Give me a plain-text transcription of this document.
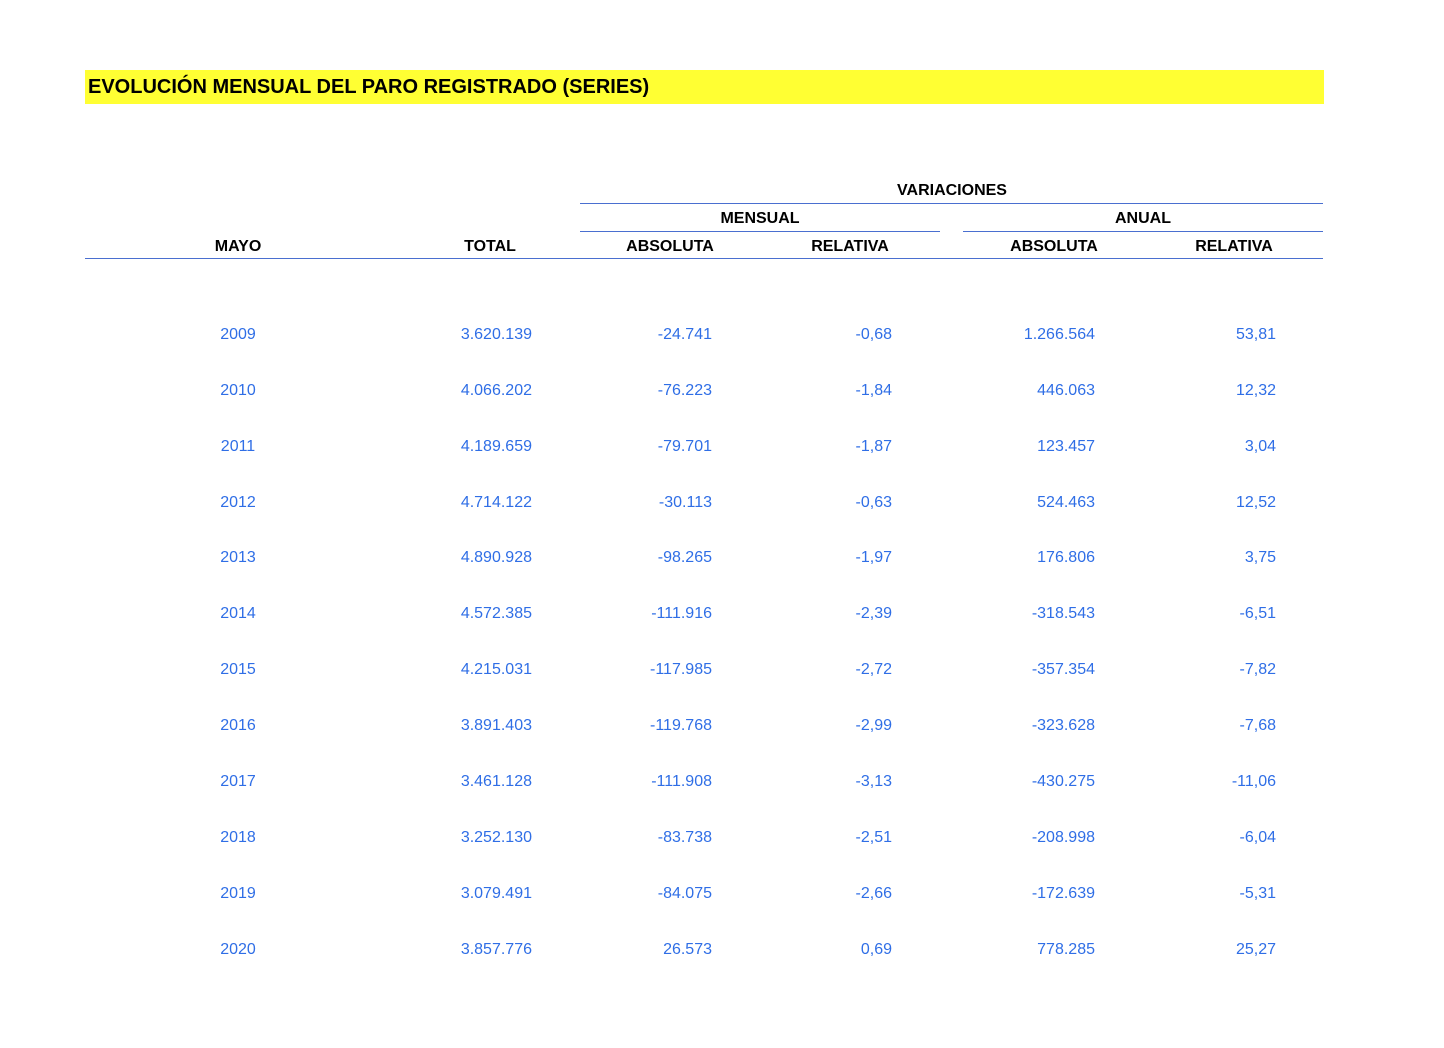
EVOLUCIÓN MENSUAL DEL PARO REGISTRADO (SERIES)
VARIACIONES
MENSUAL	ANUAL
MAYO	TOTAL	ABSOLUTA	RELATIVA	ABSOLUTA	RELATIVA
2009	3.620.139	-24.741	-0,68	1.266.564	53,81
2010	4.066.202	-76.223	-1,84	446.063	12,32
2011	4.189.659	-79.701	-1,87	123.457	3,04
2012	4.714.122	-30.113	-0,63	524.463	12,52
2013	4.890.928	-98.265	-1,97	176.806	3,75
2014	4.572.385	-111.916	-2,39	-318.543	-6,51
2015	4.215.031	-117.985	-2,72	-357.354	-7,82
2016	3.891.403	-119.768	-2,99	-323.628	-7,68
2017	3.461.128	-111.908	-3,13	-430.275	-11,06
2018	3.252.130	-83.738	-2,51	-208.998	-6,04
2019	3.079.491	-84.075	-2,66	-172.639	-5,31
2020	3.857.776	26.573	0,69	778.285	25,27
